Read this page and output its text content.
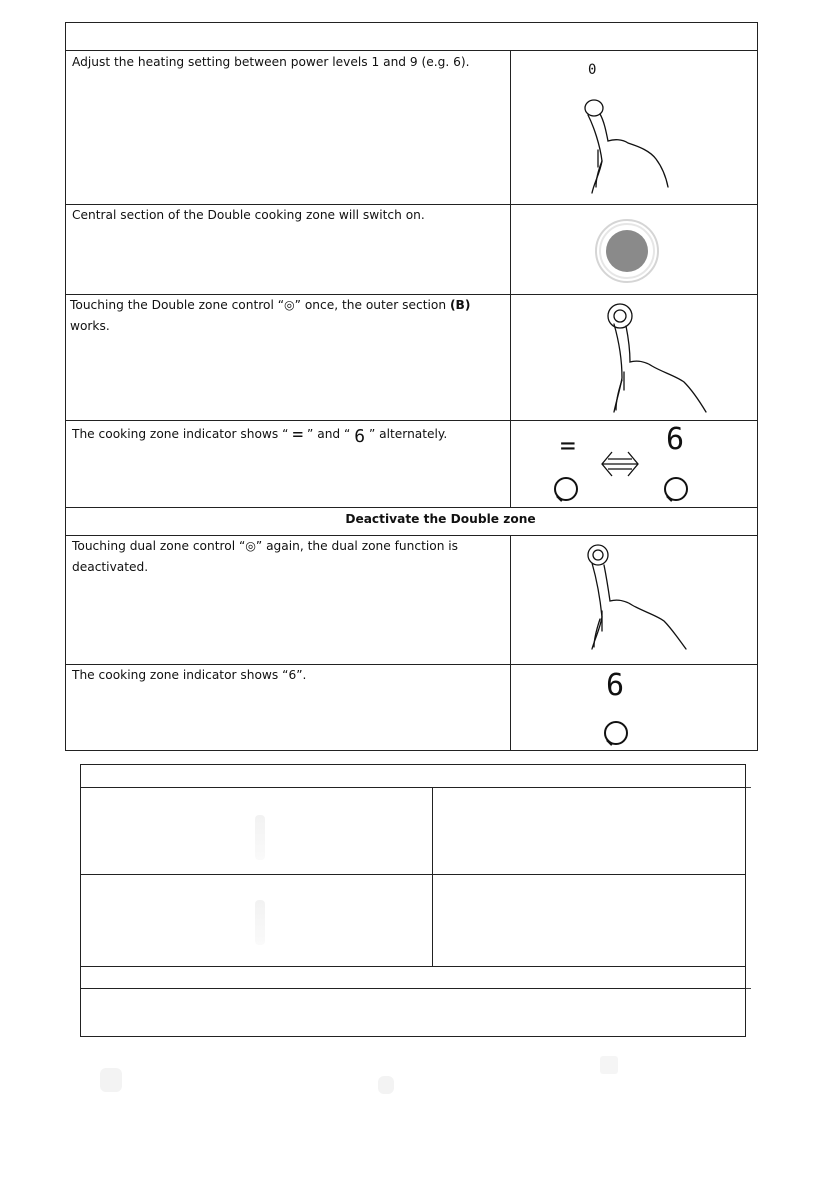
Adjust the heating setting between power levels 1 and 9 (e.g. 6).	0
Central section of the Double cooking zone will switch on.
Touching the Double zone control “◎” once, the outer section (B)
works.
The cooking zone indicator shows “ = ” and “ 6 ” alternately.	=	6
Deactivate the Double zone
Touching dual zone control “◎” again, the dual zone function is
deactivated.
The cooking zone indicator shows “6”.	6
